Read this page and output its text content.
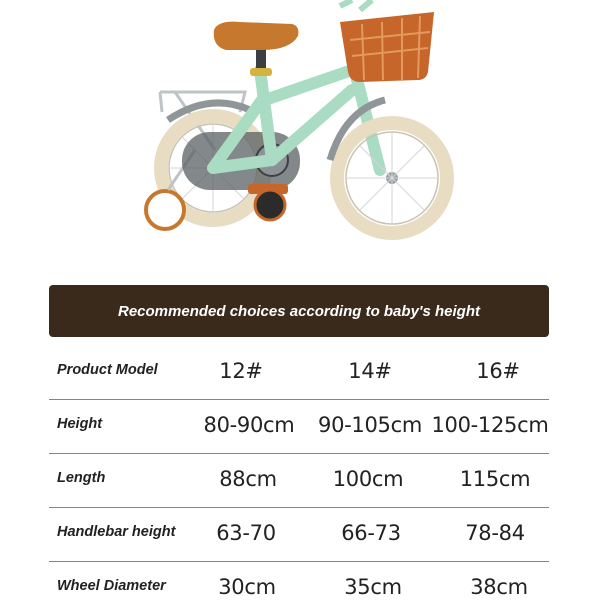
Recommended choices according to baby's height
Product Model	12#	14#	16#
Height	80-90cm 90-105cm 100-125cm
Length	88cm	100cm	115cm
Handlebar height 63-70	66-73	78-84
Wheel Diameter 30cm	35cm	38cm
